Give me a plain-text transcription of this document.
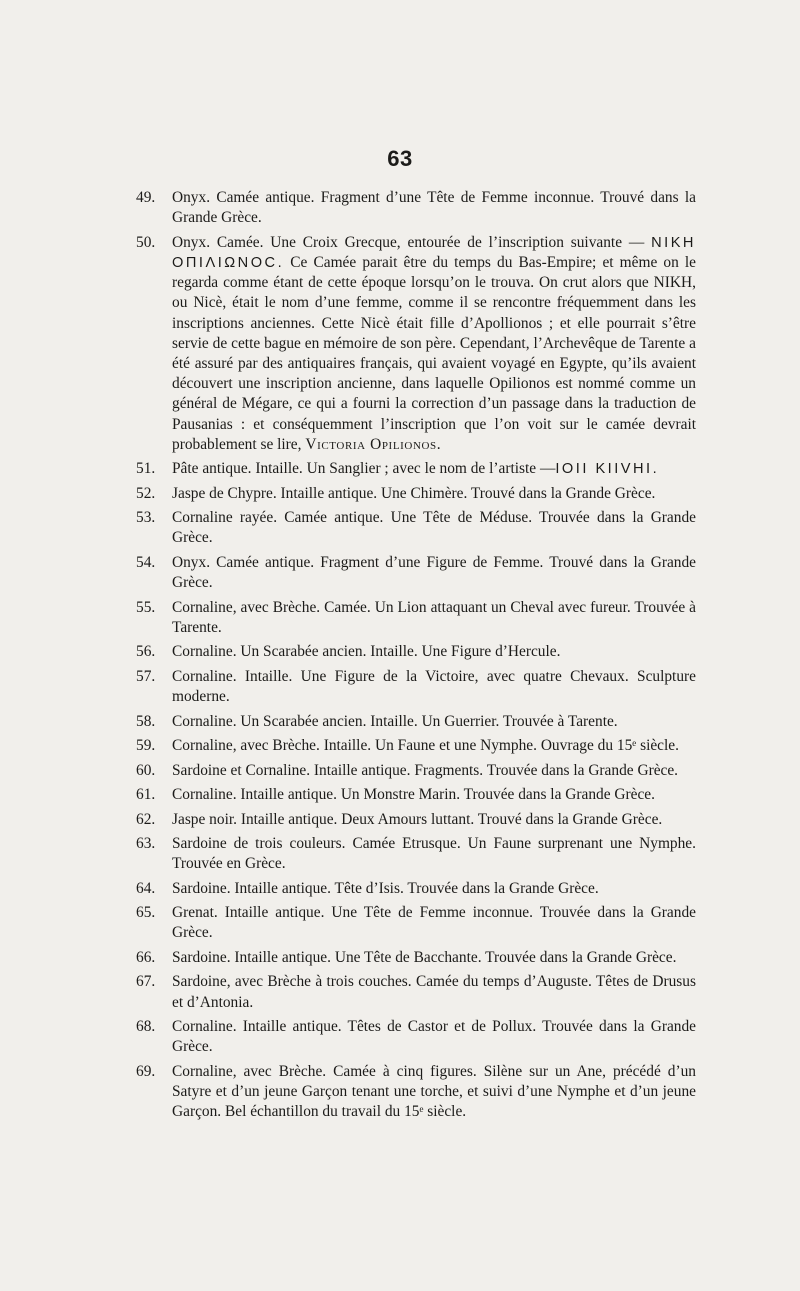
63
49. Onyx. Camée antique. Fragment d’une Tête de Femme inconnue. Trouvé dans la Grande Grèce.
50. Onyx. Camée. Une Croix Grecque, entourée de l’inscription suivante — NIKH ΟΠΙΛΙΩΝΟC. Ce Camée parait être du temps du Bas-Empire; et même on le regarda comme étant de cette époque lorsqu’on le trouva. On crut alors que NIKH, ou Nicè, était le nom d’une femme, comme il se rencontre fréquemment dans les inscriptions anciennes. Cette Nicè était fille d’Apollionos ; et elle pourrait s’être servie de cette bague en mémoire de son père. Cependant, l’Archevêque de Tarente a été assuré par des antiquaires français, qui avaient voyagé en Egypte, qu’ils avaient découvert une inscription ancienne, dans laquelle Opilionos est nommé comme un général de Mégare, ce qui a fourni la correction d’un passage dans la traduction de Pausanias : et conséquemment l’inscription que l’on voit sur le camée devrait probablement se lire, Victoria Opilionos.
51. Pâte antique. Intaille. Un Sanglier ; avec le nom de l’artiste —ΙΟΙΙ ΚΙΙVΗΙ.
52. Jaspe de Chypre. Intaille antique. Une Chimère. Trouvé dans la Grande Grèce.
53. Cornaline rayée. Camée antique. Une Tête de Méduse. Trouvée dans la Grande Grèce.
54. Onyx. Camée antique. Fragment d’une Figure de Femme. Trouvé dans la Grande Grèce.
55. Cornaline, avec Brèche. Camée. Un Lion attaquant un Cheval avec fureur. Trouvée à Tarente.
56. Cornaline. Un Scarabée ancien. Intaille. Une Figure d’Hercule.
57. Cornaline. Intaille. Une Figure de la Victoire, avec quatre Chevaux. Sculpture moderne.
58. Cornaline. Un Scarabée ancien. Intaille. Un Guerrier. Trouvée à Tarente.
59. Cornaline, avec Brèche. Intaille. Un Faune et une Nymphe. Ouvrage du 15ᵉ siècle.
60. Sardoine et Cornaline. Intaille antique. Fragments. Trouvée dans la Grande Grèce.
61. Cornaline. Intaille antique. Un Monstre Marin. Trouvée dans la Grande Grèce.
62. Jaspe noir. Intaille antique. Deux Amours luttant. Trouvé dans la Grande Grèce.
63. Sardoine de trois couleurs. Camée Etrusque. Un Faune surprenant une Nymphe. Trouvée en Grèce.
64. Sardoine. Intaille antique. Tête d’Isis. Trouvée dans la Grande Grèce.
65. Grenat. Intaille antique. Une Tête de Femme inconnue. Trouvée dans la Grande Grèce.
66. Sardoine. Intaille antique. Une Tête de Bacchante. Trouvée dans la Grande Grèce.
67. Sardoine, avec Brèche à trois couches. Camée du temps d’Auguste. Têtes de Drusus et d’Antonia.
68. Cornaline. Intaille antique. Têtes de Castor et de Pollux. Trouvée dans la Grande Grèce.
69. Cornaline, avec Brèche. Camée à cinq figures. Silène sur un Ane, précédé d’un Satyre et d’un jeune Garçon tenant une torche, et suivi d’une Nymphe et d’un jeune Garçon. Bel échantillon du travail du 15ᵉ siècle.
